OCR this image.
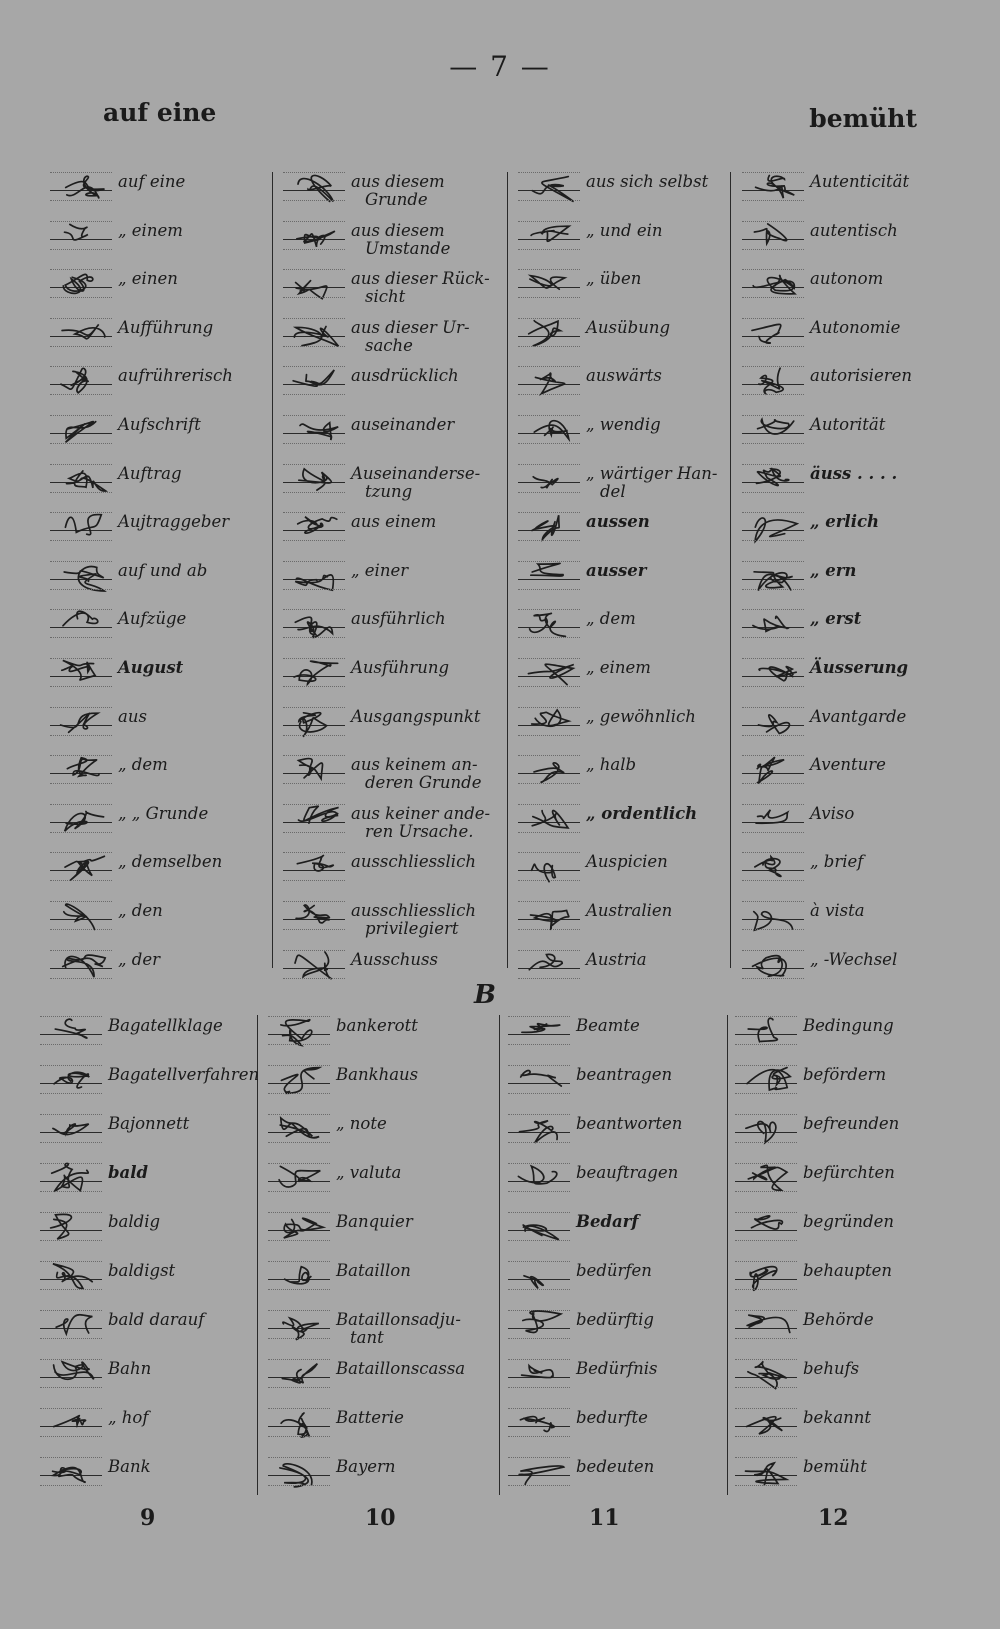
— 7 —
auf eine	bemüht
B
auf eine
„ einem
„ einen
Aufführung
aufrührerisch
Aufschrift
Auftrag
Aujtraggeber
auf und ab
Aufzüge
August
aus
„ dem
„ „ Grunde
„ demselben
„ den
„ der
aus diesem
Grunde
aus diesem
Umstande
aus dieser Rück-
sicht
aus dieser Ur-
sache
ausdrücklich
auseinander
Auseinanderse-
tzung
aus einem
„ einer
ausführlich
Ausführung
Ausgangspunkt
aus keinem an-
deren Grunde
aus keiner ande-
ren Ursache.
ausschliesslich
ausschliesslich
privilegiert
Ausschuss
aus sich selbst
„ und ein
„ üben
Ausübung
auswärts
„ wendig
„ wärtiger Han-
del
aussen
ausser
„ dem
„ einem
„ gewöhnlich
„ halb
„ ordentlich
Auspicien
Australien
Austria
Autenticität
autentisch
autonom
Autonomie
autorisieren
Autorität
äuss . . . .
„ erlich
„ ern
„ erst
Äusserung
Avantgarde
Aventure
Aviso
„ brief
à vista
„ -Wechsel
Bagatellklage
Bagatellverfahren
Bajonnett
bald
baldig
baldigst
bald darauf
Bahn
„ hof
Bank
bankerott
Bankhaus
„ note
„ valuta
Banquier
Bataillon
Bataillonsadju-
tant
Bataillonscassa
Batterie
Bayern
Beamte
beantragen
beantworten
beauftragen
Bedarf
bedürfen
bedürftig
Bedürfnis
bedurfte
bedeuten
Bedingung
befördern
befreunden
befürchten
begründen
behaupten
Behörde
behufs
bekannt
bemüht
9	10	11	12
